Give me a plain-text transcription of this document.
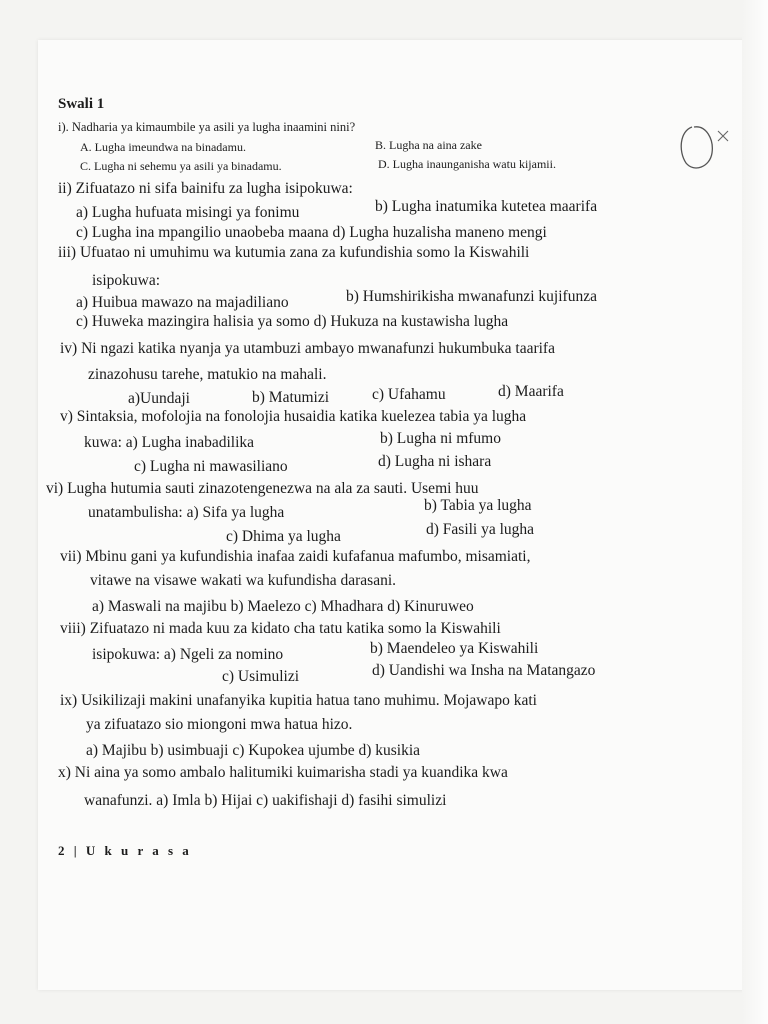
Swali 1
i). Nadharia ya kimaumbile ya asili ya lugha inaamini nini?
A. Lugha imeundwa na binadamu.	B. Lugha na aina zake
C. Lugha ni sehemu ya asili ya binadamu.	D. Lugha inaunganisha watu kijamii.
ii) Zifuatazo ni sifa bainifu za lugha isipokuwa:
a) Lugha hufuata misingi ya fonimu	b) Lugha inatumika kutetea maarifa
c) Lugha ina mpangilio unaobeba maana d) Lugha huzalisha maneno mengi
iii) Ufuatao ni umuhimu wa kutumia zana za kufundishia somo la Kiswahili
isipokuwa:
a) Huibua mawazo na majadiliano	b) Humshirikisha mwanafunzi kujifunza
c) Huweka mazingira halisia ya somo d) Hukuza na kustawisha lugha
iv) Ni ngazi katika nyanja ya utambuzi ambayo mwanafunzi hukumbuka taarifa
zinazohusu tarehe, matukio na mahali.
a)Uundaji	b) Matumizi	c) Ufahamu	d) Maarifa
v) Sintaksia, mofolojia na fonolojia husaidia katika kuelezea tabia ya lugha
kuwa: a) Lugha inabadilika	b) Lugha ni mfumo
c) Lugha ni mawasiliano	d) Lugha ni ishara
vi) Lugha hutumia sauti zinazotengenezwa na ala za sauti. Usemi huu
unatambulisha: a) Sifa ya lugha	b) Tabia ya lugha
c) Dhima ya lugha	d) Fasili ya lugha
vii) Mbinu gani ya kufundishia inafaa zaidi kufafanua mafumbo, misamiati,
vitawe na visawe wakati wa kufundisha darasani.
a) Maswali na majibu b) Maelezo c) Mhadhara d) Kinuruweo
viii) Zifuatazo ni mada kuu za kidato cha tatu katika somo la Kiswahili
isipokuwa: a) Ngeli za nomino	b) Maendeleo ya Kiswahili
c) Usimulizi	d) Uandishi wa Insha na Matangazo
ix) Usikilizaji makini unafanyika kupitia hatua tano muhimu. Mojawapo kati
ya zifuatazo sio miongoni mwa hatua hizo.
a) Majibu b) usimbuaji c) Kupokea ujumbe d) kusikia
x) Ni aina ya somo ambalo halitumiki kuimarisha stadi ya kuandika kwa
wanafunzi. a) Imla b) Hijai c) uakifishaji d) fasihi simulizi
2 | U k u r a s a
